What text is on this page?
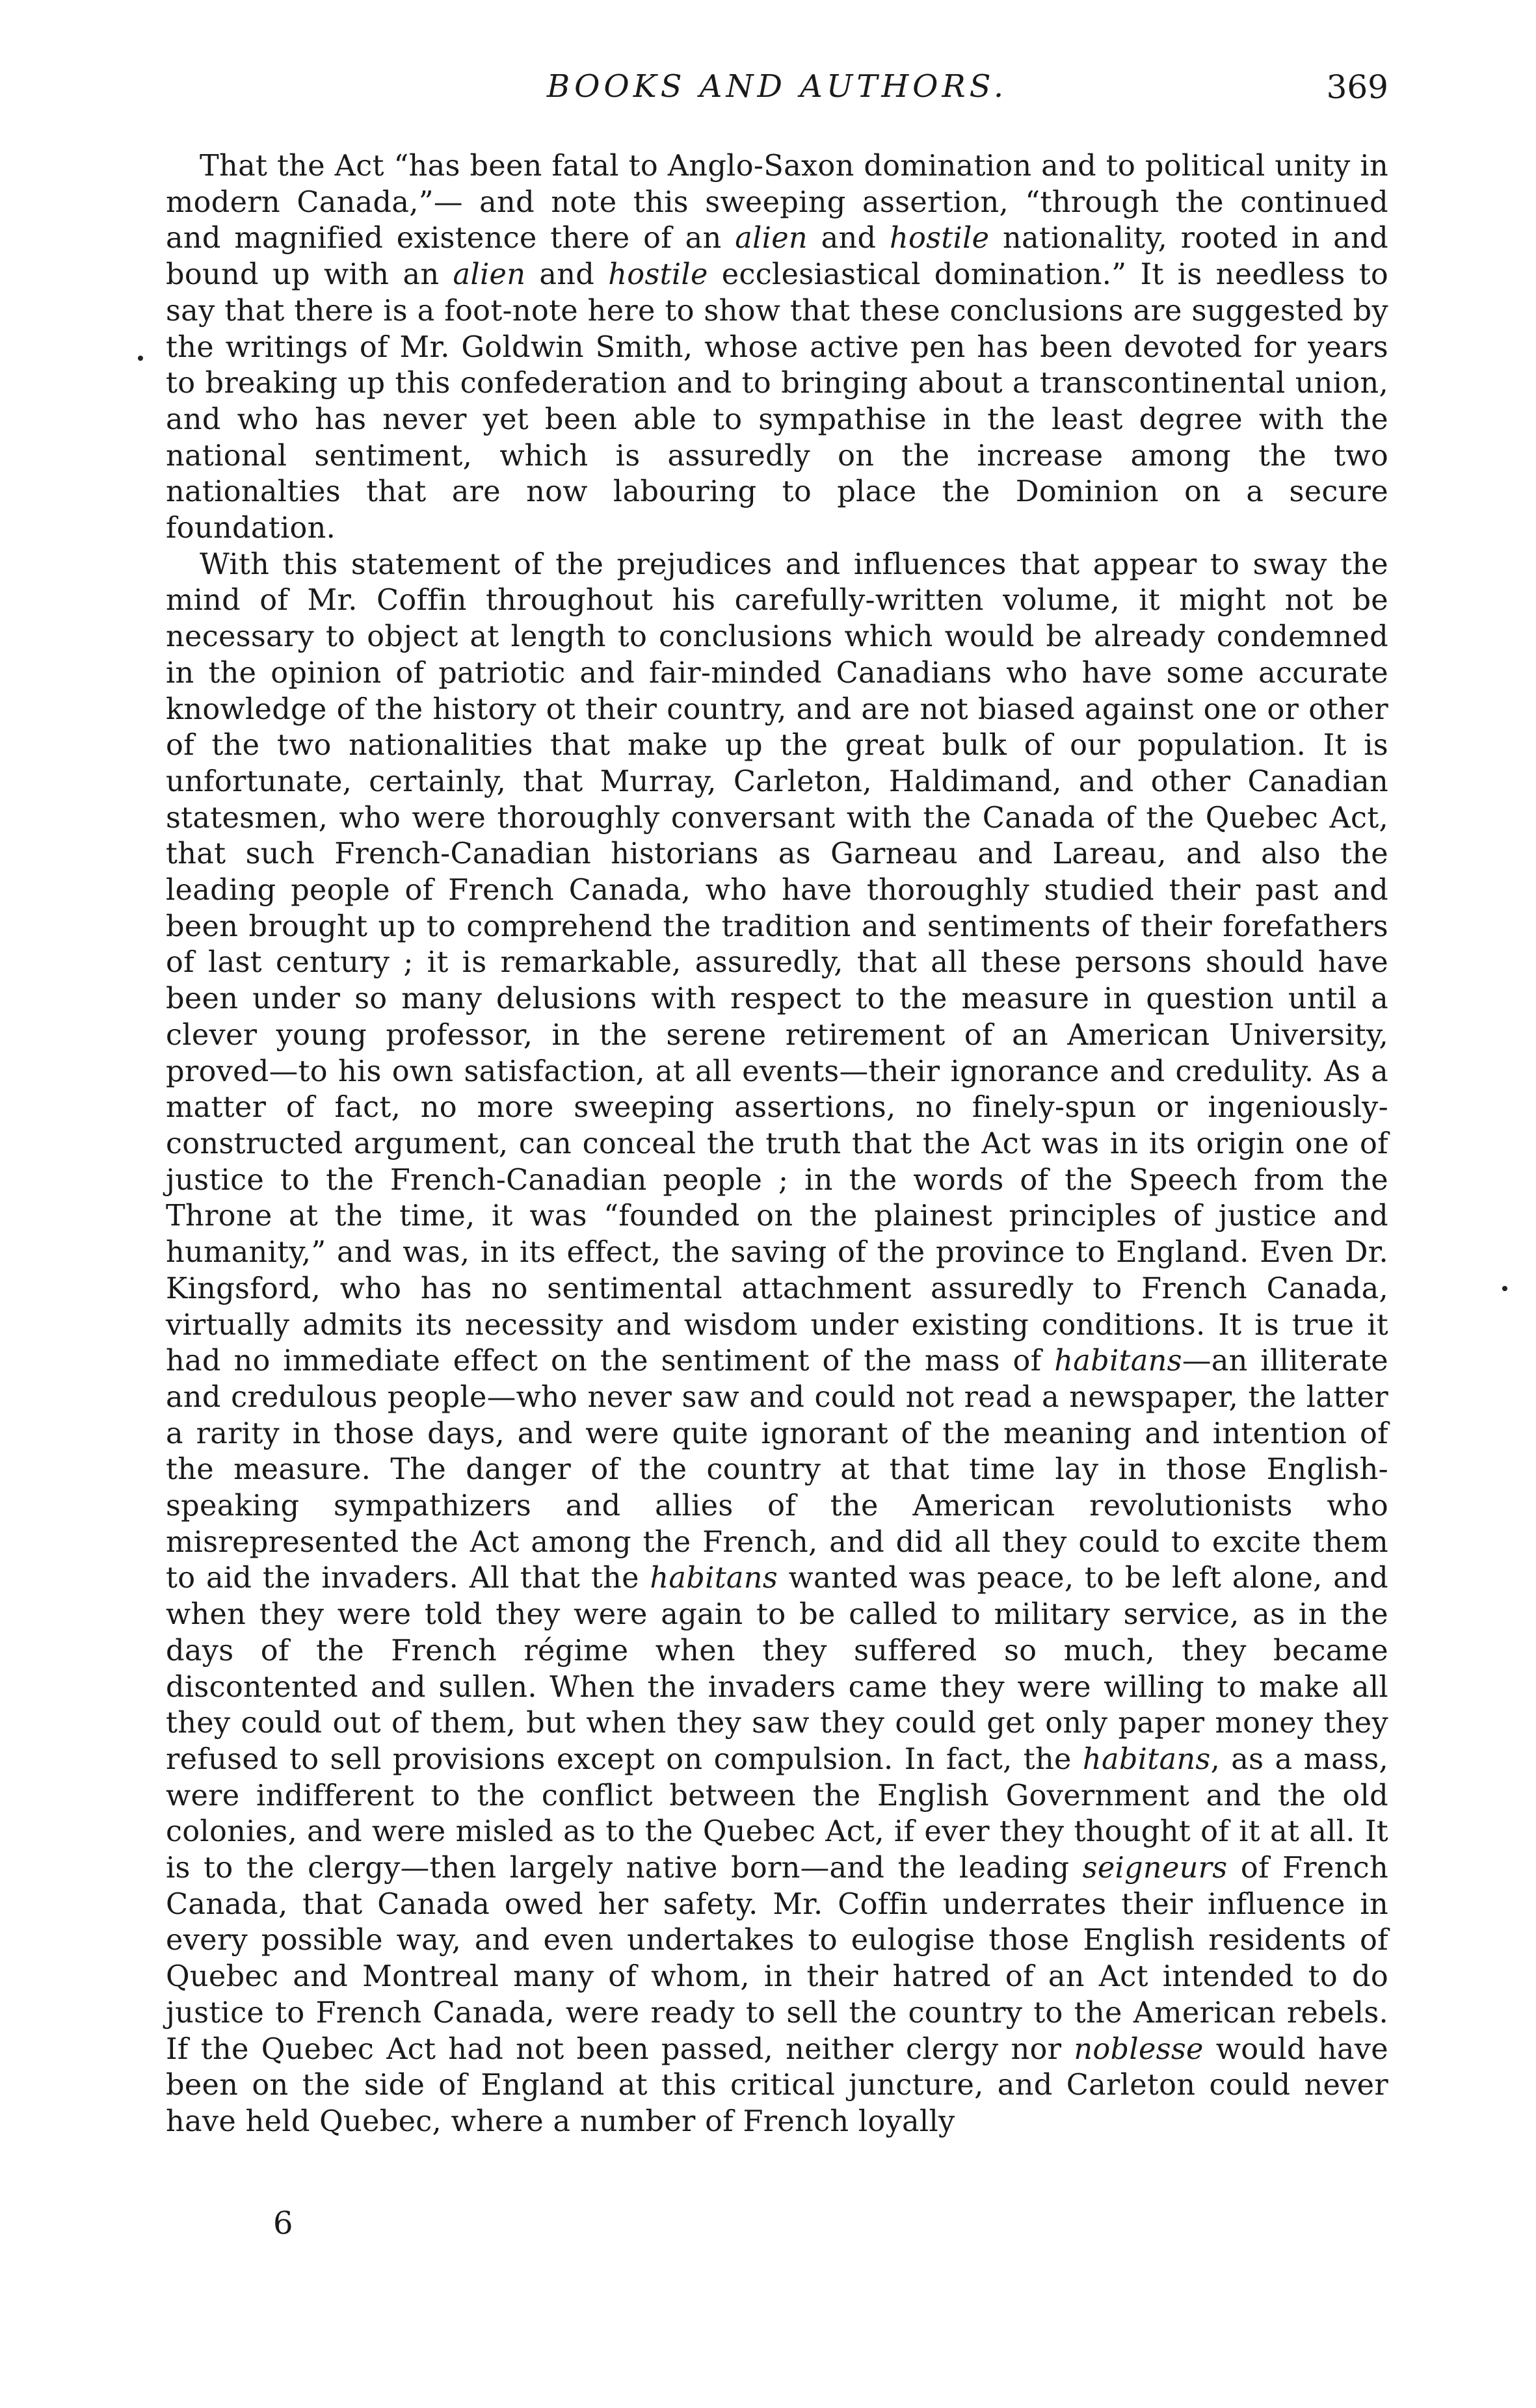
BOOKS AND AUTHORS.	369

That the Act “has been fatal to Anglo-Saxon domination and to political unity in modern Canada,”— and note this sweeping assertion, “through the continued and magnified existence there of an alien and hostile nationality, rooted in and bound up with an alien and hostile ecclesiastical domination.” It is needless to say that there is a foot-note here to show that these conclusions are suggested by the writings of Mr. Goldwin Smith, whose active pen has been devoted for years to breaking up this confederation and to bringing about a transcontinental union, and who has never yet been able to sympathise in the least degree with the national sentiment, which is assuredly on the increase among the two nationalties that are now labouring to place the Dominion on a secure foundation.

With this statement of the prejudices and influences that appear to sway the mind of Mr. Coffin throughout his carefully-written volume, it might not be necessary to object at length to conclusions which would be already condemned in the opinion of patriotic and fair-minded Canadians who have some accurate knowledge of the history ot their country, and are not biased against one or other of the two nationalities that make up the great bulk of our population. It is unfortunate, certainly, that Murray, Carleton, Haldimand, and other Canadian statesmen, who were thoroughly conversant with the Canada of the Quebec Act, that such French-Canadian historians as Garneau and Lareau, and also the leading people of French Canada, who have thoroughly studied their past and been brought up to comprehend the tradition and sentiments of their forefathers of last century ; it is remarkable, assuredly, that all these persons should have been under so many delusions with respect to the measure in question until a clever young professor, in the serene retirement of an American University, proved—to his own satisfaction, at all events—their ignorance and credulity. As a matter of fact, no more sweeping assertions, no finely-spun or ingeniously-constructed argument, can conceal the truth that the Act was in its origin one of justice to the French-Canadian people ; in the words of the Speech from the Throne at the time, it was “founded on the plainest principles of justice and humanity,” and was, in its effect, the saving of the province to England. Even Dr. Kingsford, who has no sentimental attachment assuredly to French Canada, virtually admits its necessity and wisdom under existing conditions. It is true it had no immediate effect on the sentiment of the mass of habitans—an illiterate and credulous people—who never saw and could not read a newspaper, the latter a rarity in those days, and were quite ignorant of the meaning and intention of the measure. The danger of the country at that time lay in those English-speaking sympathizers and allies of the American revolutionists who misrepresented the Act among the French, and did all they could to excite them to aid the invaders. All that the habitans wanted was peace, to be left alone, and when they were told they were again to be called to military service, as in the days of the French régime when they suffered so much, they became discontented and sullen. When the invaders came they were willing to make all they could out of them, but when they saw they could get only paper money they refused to sell provisions except on compulsion. In fact, the habitans, as a mass, were indifferent to the conflict between the English Government and the old colonies, and were misled as to the Quebec Act, if ever they thought of it at all. It is to the clergy—then largely native born—and the leading seigneurs of French Canada, that Canada owed her safety. Mr. Coffin underrates their influence in every possible way, and even undertakes to eulogise those English residents of Quebec and Montreal many of whom, in their hatred of an Act intended to do justice to French Canada, were ready to sell the country to the American rebels. If the Quebec Act had not been passed, neither clergy nor noblesse would have been on the side of England at this critical juncture, and Carleton could never have held Quebec, where a number of French loyally

6
